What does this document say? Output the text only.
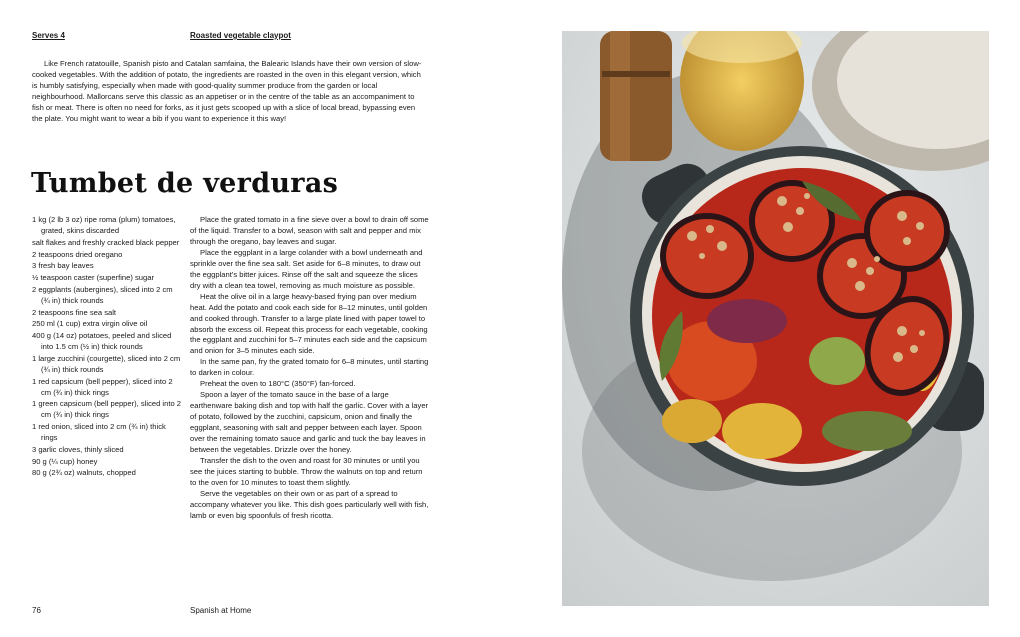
Serves 4	Roasted vegetable claypot

Like French ratatouille, Spanish pisto and Catalan samfaina, the Balearic Islands have their own version of slow-cooked vegetables. With the addition of potato, the ingredients are roasted in the oven in this elegant version, which is humbly satisfying, especially when made with good-quality summer produce from the garden or local neighbourhood. Mallorcans serve this classic as an appetiser or in the centre of the table as an accompaniment to fish or meat. There is often no need for forks, as it just gets scooped up with a slice of local bread, bypassing even the plate. You might want to wear a bib if you want to experience it this way!

Tumbet de verduras
1 kg (2 lb 3 oz) ripe roma (plum) tomatoes, grated, skins discarded
salt flakes and freshly cracked black pepper
2 teaspoons dried oregano
3 fresh bay leaves
½ teaspoon caster (superfine) sugar
2 eggplants (aubergines), sliced into 2 cm (¾ in) thick rounds
2 teaspoons fine sea salt
250 ml (1 cup) extra virgin olive oil
400 g (14 oz) potatoes, peeled and sliced into 1.5 cm (½ in) thick rounds
1 large zucchini (courgette), sliced into 2 cm (¾ in) thick rounds
1 red capsicum (bell pepper), sliced into 2 cm (¾ in) thick rings
1 green capsicum (bell pepper), sliced into 2 cm (¾ in) thick rings
1 red onion, sliced into 2 cm (¾ in) thick rings
3 garlic cloves, thinly sliced
90 g (¼ cup) honey
80 g (2¾ oz) walnuts, chopped

Place the grated tomato in a fine sieve over a bowl to drain off some of the liquid. Transfer to a bowl, season with salt and pepper and mix through the oregano, bay leaves and sugar.

Place the eggplant in a large colander with a bowl underneath and sprinkle over the fine sea salt. Set aside for 6–8 minutes, to draw out the eggplant’s bitter juices. Rinse off the salt and squeeze the slices dry with a clean tea towel, removing as much moisture as possible.

Heat the olive oil in a large heavy-based frying pan over medium heat. Add the potato and cook each side for 8–12 minutes, until golden and cooked through. Transfer to a large plate lined with paper towel to absorb the excess oil. Repeat this process for each vegetable, cooking the eggplant and zucchini for 5–7 minutes each side and the capsicum and onion for 3–5 minutes each side.

In the same pan, fry the grated tomato for 6–8 minutes, until starting to darken in colour.

Preheat the oven to 180°C (350°F) fan-forced.

Spoon a layer of the tomato sauce in the base of a large earthenware baking dish and top with half the garlic. Cover with a layer of potato, followed by the zucchini, capsicum, onion and finally the eggplant, seasoning with salt and pepper between each layer. Spoon over the remaining tomato sauce and garlic and tuck the bay leaves in between the vegetables. Drizzle over the honey.

Transfer the dish to the oven and roast for 30 minutes or until you see the juices starting to bubble. Throw the walnuts on top and return to the oven for 10 minutes to toast them slightly.

Serve the vegetables on their own or as part of a spread to accompany whatever you like. This dish goes particularly well with fish, lamb or even big spoonfuls of fresh ricotta.

76	Spanish at Home
